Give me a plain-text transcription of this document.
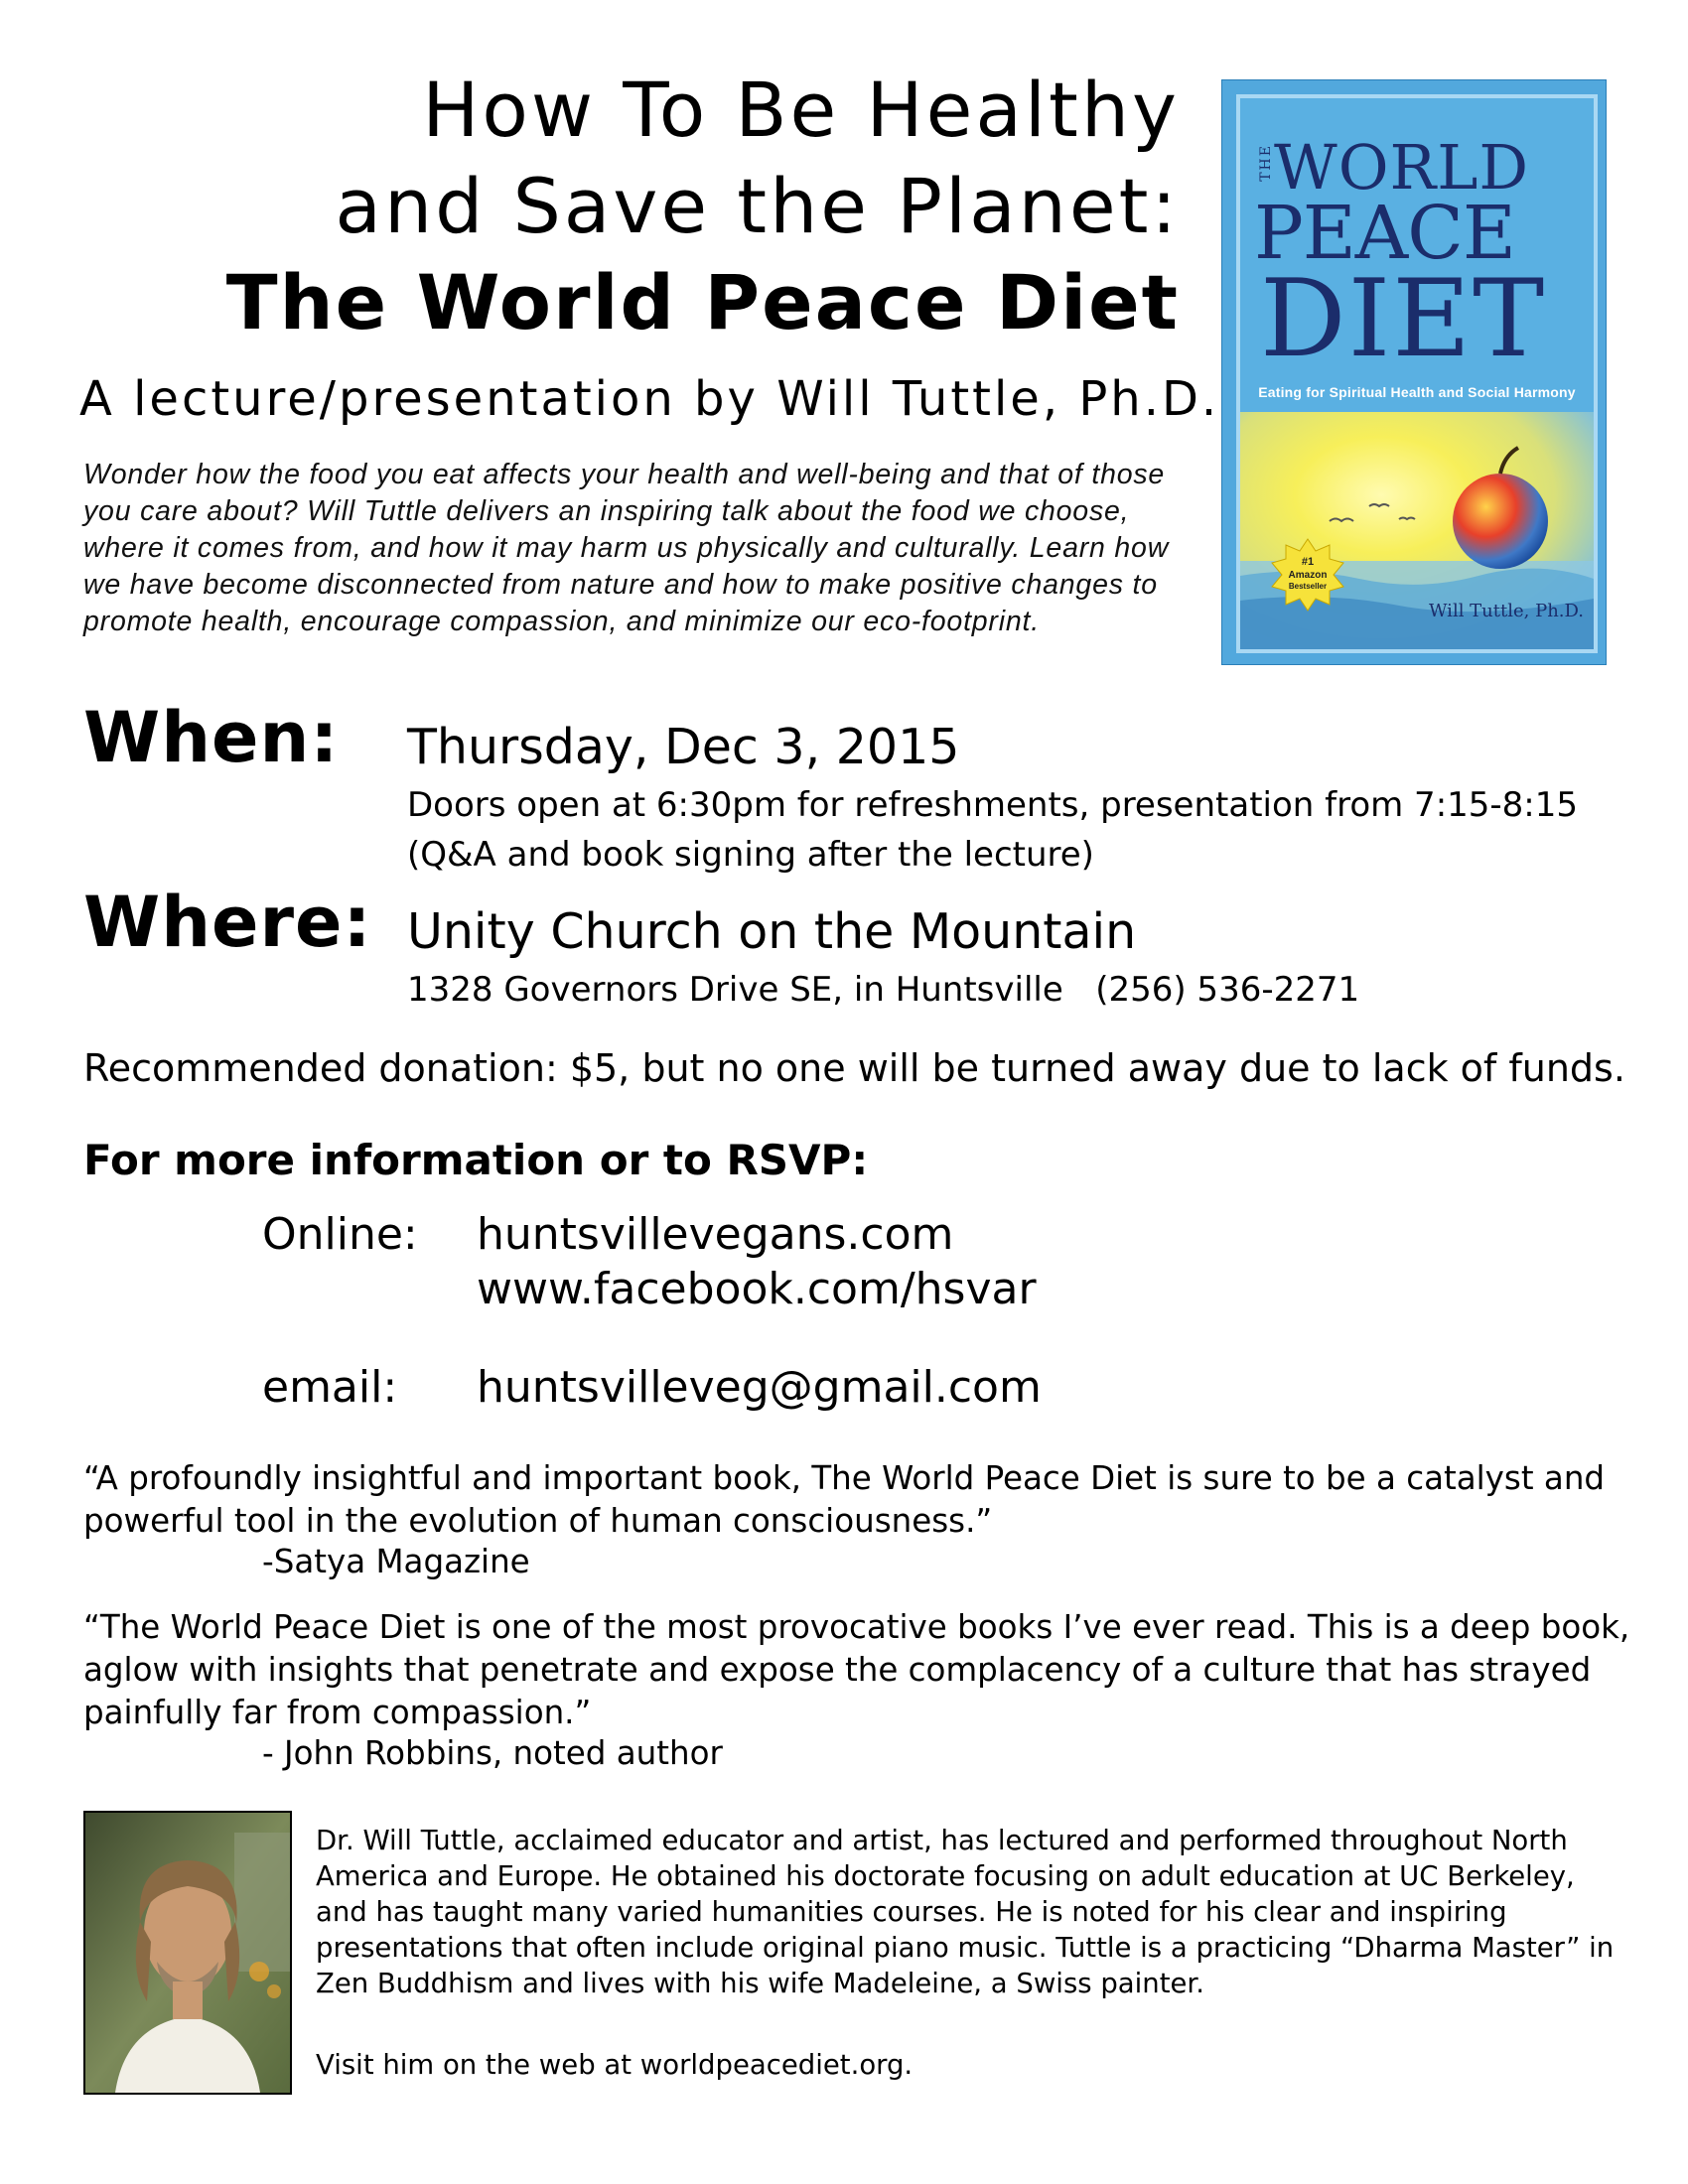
How To Be Healthy
and Save the Planet:
The World Peace Diet
A lecture/presentation by Will Tuttle, Ph.D.
Wonder how the food you eat affects your health and well-being and that of those you care about? Will Tuttle delivers an inspiring talk about the food we choose, where it comes from, and how it may harm us physically and culturally. Learn how we have become disconnected from nature and how to make positive changes to promote health, encourage compassion, and minimize our eco-footprint.
THE WORLD
PEACE
DIET
Eating for Spiritual Health and Social Harmony
#1
Amazon
Bestseller
Will Tuttle, Ph.D.
When: Thursday, Dec 3, 2015
Doors open at 6:30pm for refreshments, presentation from 7:15-8:15
(Q&A and book signing after the lecture)
Where: Unity Church on the Mountain
1328 Governors Drive SE, in Huntsville   (256) 536-2271
Recommended donation: $5, but no one will be turned away due to lack of funds.
For more information or to RSVP:
Online: huntsvillevegans.com
www.facebook.com/hsvar
email: huntsvilleveg@gmail.com
“A profoundly insightful and important book, The World Peace Diet is sure to be a catalyst and powerful tool in the evolution of human consciousness.”
-Satya Magazine
“The World Peace Diet is one of the most provocative books I’ve ever read. This is a deep book, aglow with insights that penetrate and expose the complacency of a culture that has strayed painfully far from compassion.”
- John Robbins, noted author
Dr. Will Tuttle, acclaimed educator and artist, has lectured and performed throughout North America and Europe. He obtained his doctorate focusing on adult education at UC Berkeley, and has taught many varied humanities courses. He is noted for his clear and inspiring presentations that often include original piano music. Tuttle is a practicing “Dharma Master” in Zen Buddhism and lives with his wife Madeleine, a Swiss painter.
Visit him on the web at worldpeacediet.org.
